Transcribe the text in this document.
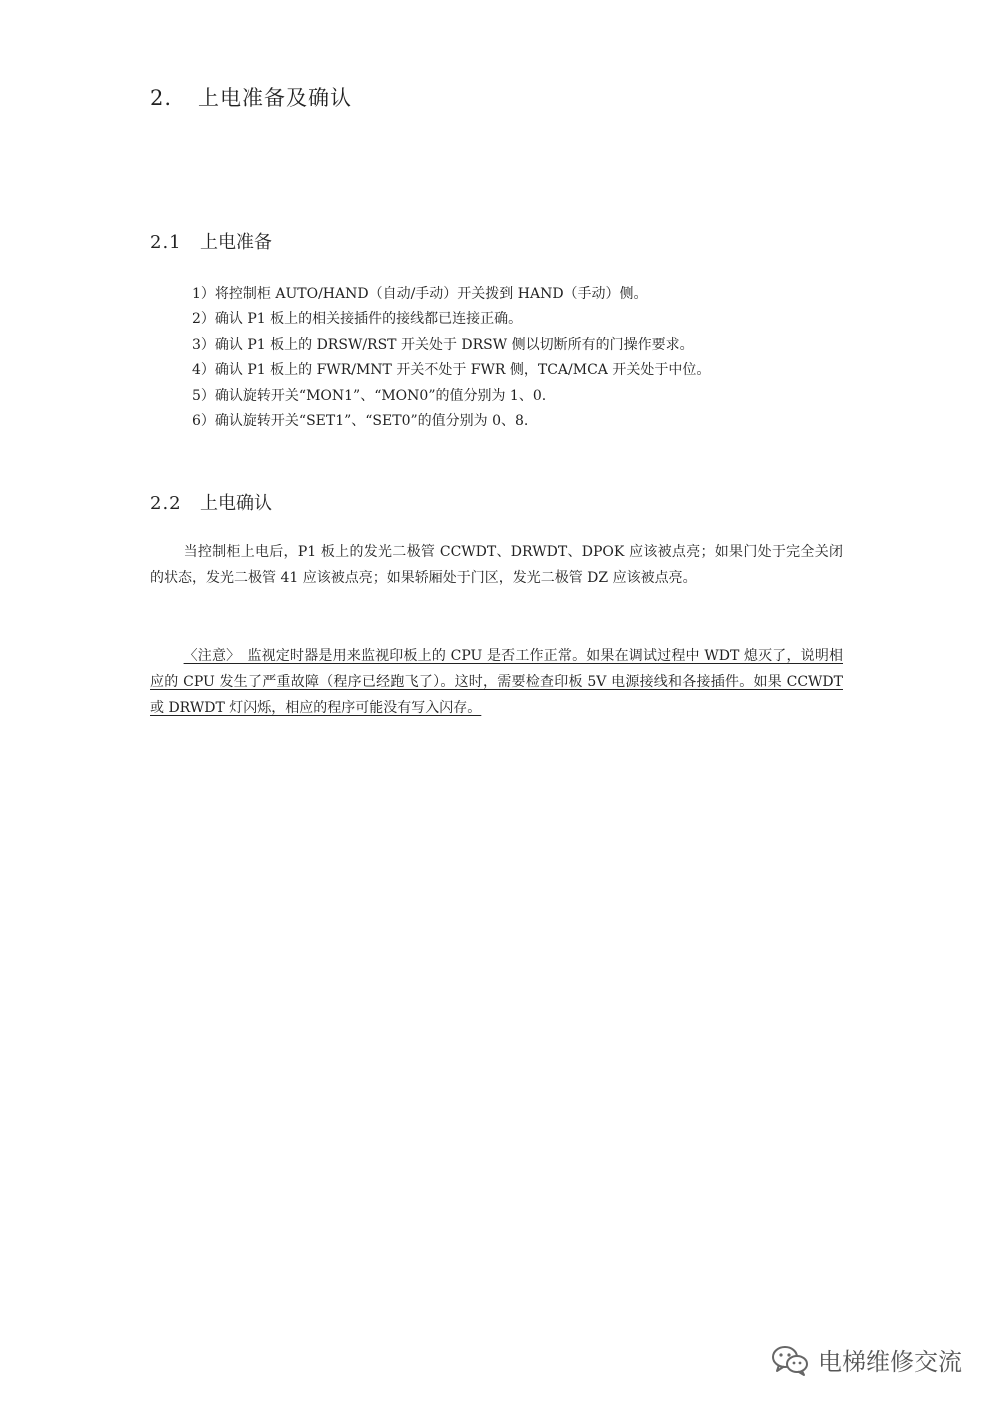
2. 上电准备及确认
2.1 上电准备
1）将控制柜 AUTO/HAND（自动/手动）开关拨到 HAND（手动）侧。
2）确认 P1 板上的相关接插件的接线都已连接正确。
3）确认 P1 板上的 DRSW/RST 开关处于 DRSW 侧以切断所有的门操作要求。
4）确认 P1 板上的 FWR/MNT 开关不处于 FWR 侧，TCA/MCA 开关处于中位。
5）确认旋转开关“MON1”、“MON0”的值分别为 1、0.
6）确认旋转开关“SET1”、“SET0”的值分别为 0、8.
2.2 上电确认

当控制柜上电后，P1 板上的发光二极管 CCWDT、DRWDT、DPOK 应该被点亮；如果门处于完全关闭的状态，发光二极管 41 应该被点亮；如果轿厢处于门区，发光二极管 DZ 应该被点亮。

〈注意〉　监视定时器是用来监视印板上的 CPU 是否工作正常。如果在调试过程中 WDT 熄灭了，说明相应的 CPU 发生了严重故障（程序已经跑飞了）。这时，需要检查印板 5V 电源接线和各接插件。如果 CCWDT 或 DRWDT 灯闪烁，相应的程序可能没有写入闪存。

电梯维修交流
